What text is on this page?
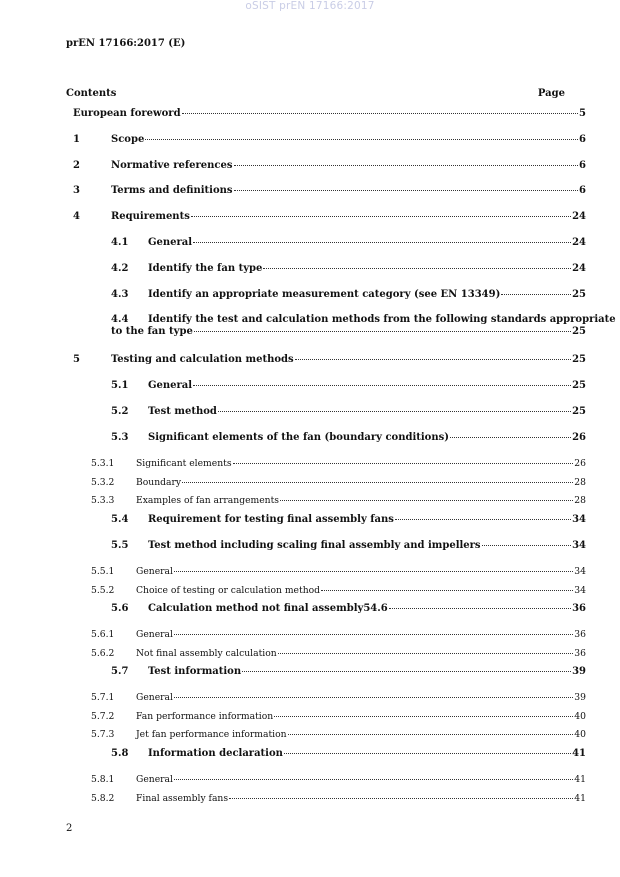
oSIST prEN 17166:2017
prEN 17166:2017 (E)
Contents	Page
European foreword	5
1	Scope	6
2	Normative references	6
3	Terms and definitions	6
4	Requirements	24
4.1	General	24
4.2	Identify the fan type	24
4.3	Identify an appropriate measurement category (see EN 13349)	25
4.4	Identify the test and calculation methods from the following standards appropriate
to the fan type	25
5	Testing and calculation methods	25
5.1	General	25
5.2	Test method	25
5.3	Significant elements of the fan (boundary conditions)	26
5.3.1	Significant elements	26
5.3.2	Boundary	28
5.3.3	Examples of fan arrangements	28
5.4	Requirement for testing final assembly fans	34
5.5	Test method including scaling final assembly and impellers	34
5.5.1	General	34
5.5.2	Choice of testing or calculation method	34
5.6	Calculation method not final assembly54.6	36
5.6.1	General	36
5.6.2	Not final assembly calculation	36
5.7	Test information	39
5.7.1	General	39
5.7.2	Fan performance information	40
5.7.3	Jet fan performance information	40
5.8	Information declaration	41
5.8.1	General	41
5.8.2	Final assembly fans	41
2
